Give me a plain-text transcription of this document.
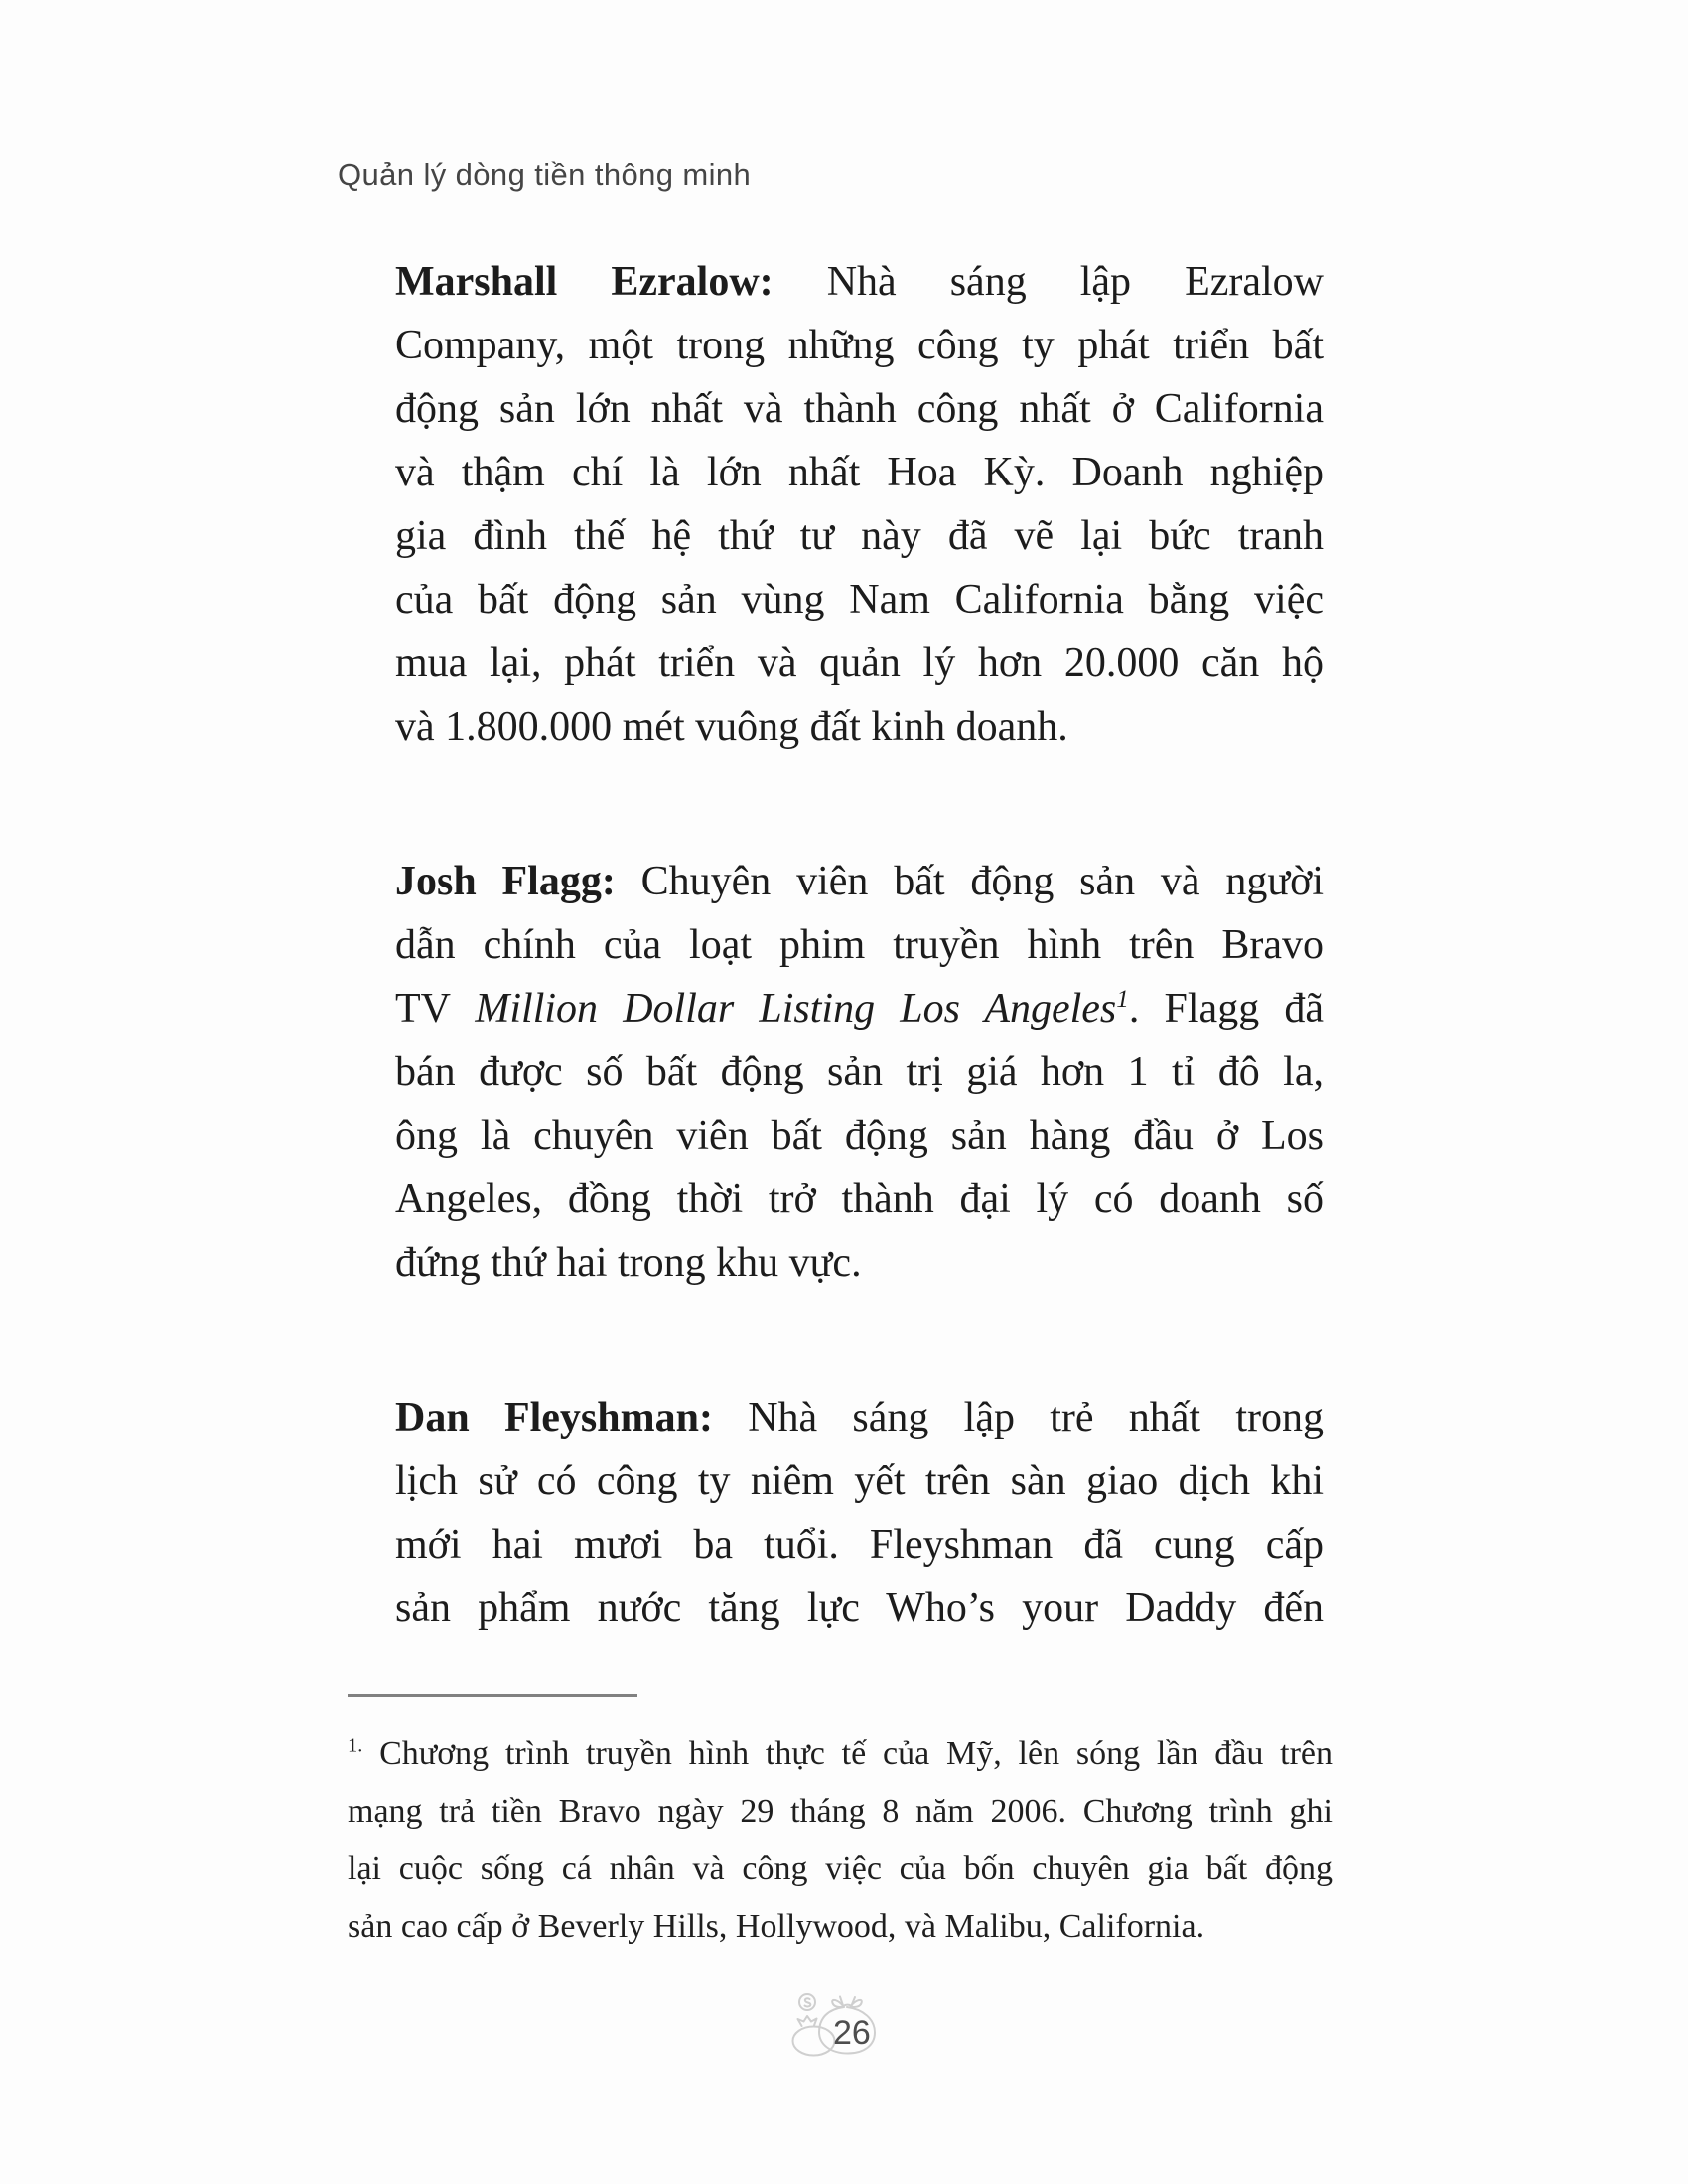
Quản lý dòng tiền thông minh
Marshall Ezralow: Nhà sáng lập Ezralow
Company, một trong những công ty phát triển bất
động sản lớn nhất và thành công nhất ở California
và thậm chí là lớn nhất Hoa Kỳ. Doanh nghiệp
gia đình thế hệ thứ tư này đã vẽ lại bức tranh
của bất động sản vùng Nam California bằng việc
mua lại, phát triển và quản lý hơn 20.000 căn hộ
và 1.800.000 mét vuông đất kinh doanh.
Josh Flagg: Chuyên viên bất động sản và người
dẫn chính của loạt phim truyền hình trên Bravo
TV Million Dollar Listing Los Angeles$^1$. Flagg đã
bán được số bất động sản trị giá hơn 1 tỉ đô la,
ông là chuyên viên bất động sản hàng đầu ở Los
Angeles, đồng thời trở thành đại lý có doanh số
đứng thứ hai trong khu vực.
Dan Fleyshman: Nhà sáng lập trẻ nhất trong
lịch sử có công ty niêm yết trên sàn giao dịch khi
mới hai mươi ba tuổi. Fleyshman đã cung cấp
sản phẩm nước tăng lực Who’s your Daddy đến
$^{1.}$ Chương trình truyền hình thực tế của Mỹ, lên sóng lần đầu trên
mạng trả tiền Bravo ngày 29 tháng 8 năm 2006. Chương trình ghi
lại cuộc sống cá nhân và công việc của bốn chuyên gia bất động
sản cao cấp ở Beverly Hills, Hollywood, và Malibu, California.
26
